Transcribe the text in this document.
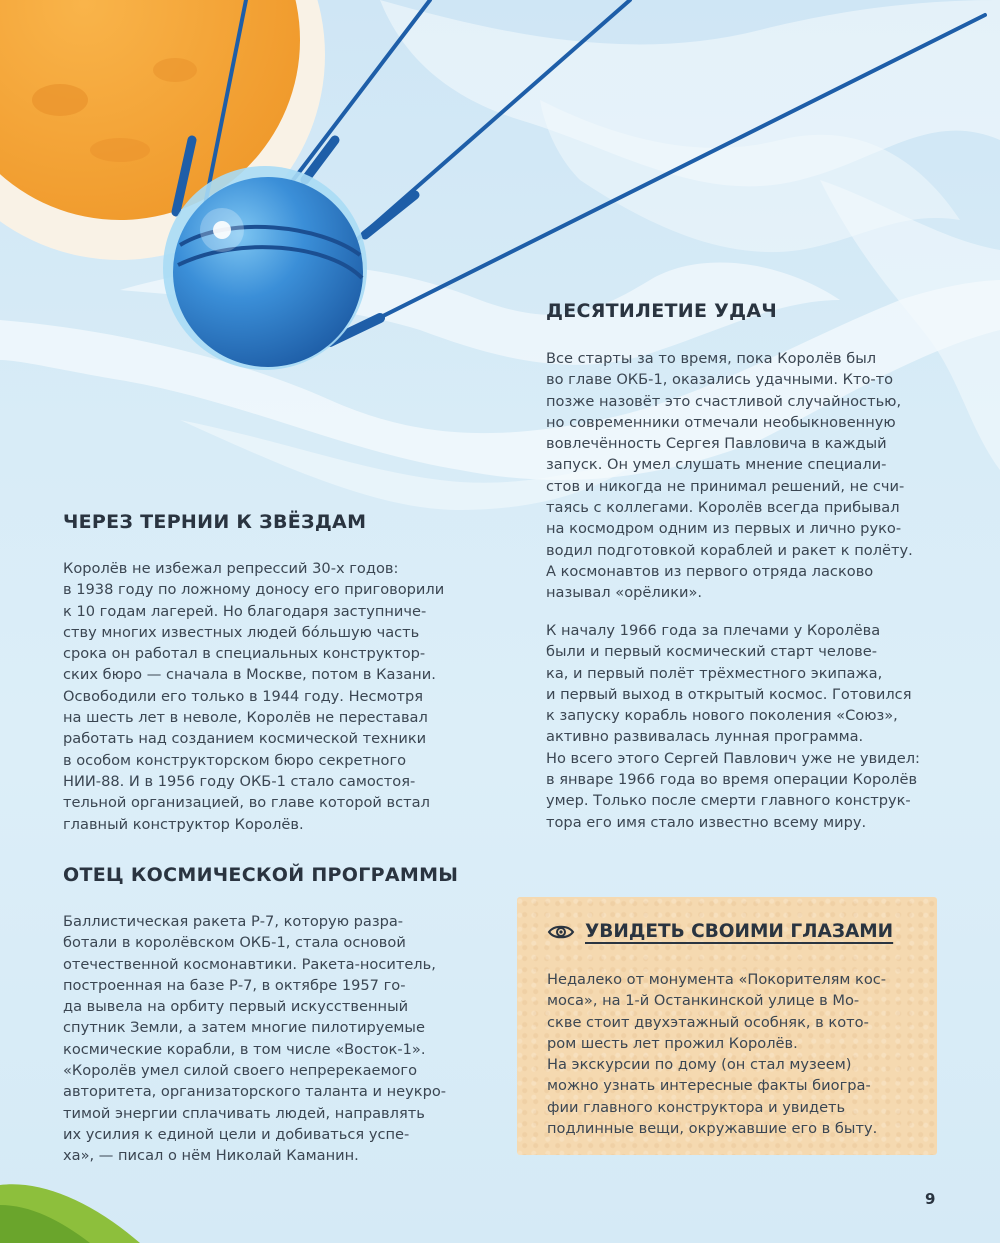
ДЕСЯТИЛЕТИЕ УДАЧ

Все старты за то время, пока Королёв был
во главе ОКБ-1, оказались удачными. Кто-то
позже назовёт это счастливой случайностью,
но современники отмечали необыкновенную
вовлечённость Сергея Павловича в каждый
запуск. Он умел слушать мнение специали-
стов и никогда не принимал решений, не счи-
таясь с коллегами. Королёв всегда прибывал
на космодром одним из первых и лично руко-
водил подготовкой кораблей и ракет к полёту.
А космонавтов из первого отряда ласково
называл «орёлики».

К началу 1966 года за плечами у Королёва
были и первый космический старт челове-
ка, и первый полёт трёхместного экипажа,
и первый выход в открытый космос. Готовился
к запуску корабль нового поколения «Союз»,
активно развивалась лунная программа.
Но всего этого Сергей Павлович уже не увидел:
в январе 1966 года во время операции Королёв
умер. Только после смерти главного конструк-
тора его имя стало известно всему миру.

ЧЕРЕЗ ТЕРНИИ К ЗВЁЗДАМ

Королёв не избежал репрессий 30-х годов:
в 1938 году по ложному доносу его приговорили
к 10 годам лагерей. Но благодаря заступниче-
ству многих известных людей бо́льшую часть
срока он работал в специальных конструктор-
ских бюро — сначала в Москве, потом в Казани.
Освободили его только в 1944 году. Несмотря
на шесть лет в неволе, Королёв не переставал
работать над созданием космической техники
в особом конструкторском бюро секретного
НИИ-88. И в 1956 году ОКБ-1 стало самостоя-
тельной организацией, во главе которой встал
главный конструктор Королёв.

ОТЕЦ КОСМИЧЕСКОЙ ПРОГРАММЫ

Баллистическая ракета Р-7, которую разра-
ботали в королёвском ОКБ-1, стала основой
отечественной космонавтики. Ракета-носитель,
построенная на базе Р-7, в октябре 1957 го-
да вывела на орбиту первый искусственный
спутник Земли, а затем многие пилотируемые
космические корабли, в том числе «Восток-1».
«Королёв умел силой своего непререкаемого
авторитета, организаторского таланта и неукро-
тимой энергии сплачивать людей, направлять
их усилия к единой цели и добиваться успе-
ха», — писал о нём Николай Каманин.

УВИДЕТЬ СВОИМИ ГЛАЗАМИ

Недалеко от монумента «Покорителям кос-
моса», на 1-й Останкинской улице в Мо-
скве стоит двухэтажный особняк, в кото-
ром шесть лет прожил Королёв.
На экскурсии по дому (он стал музеем)
можно узнать интересные факты биогра-
фии главного конструктора и увидеть
подлинные вещи, окружавшие его в быту.

9
